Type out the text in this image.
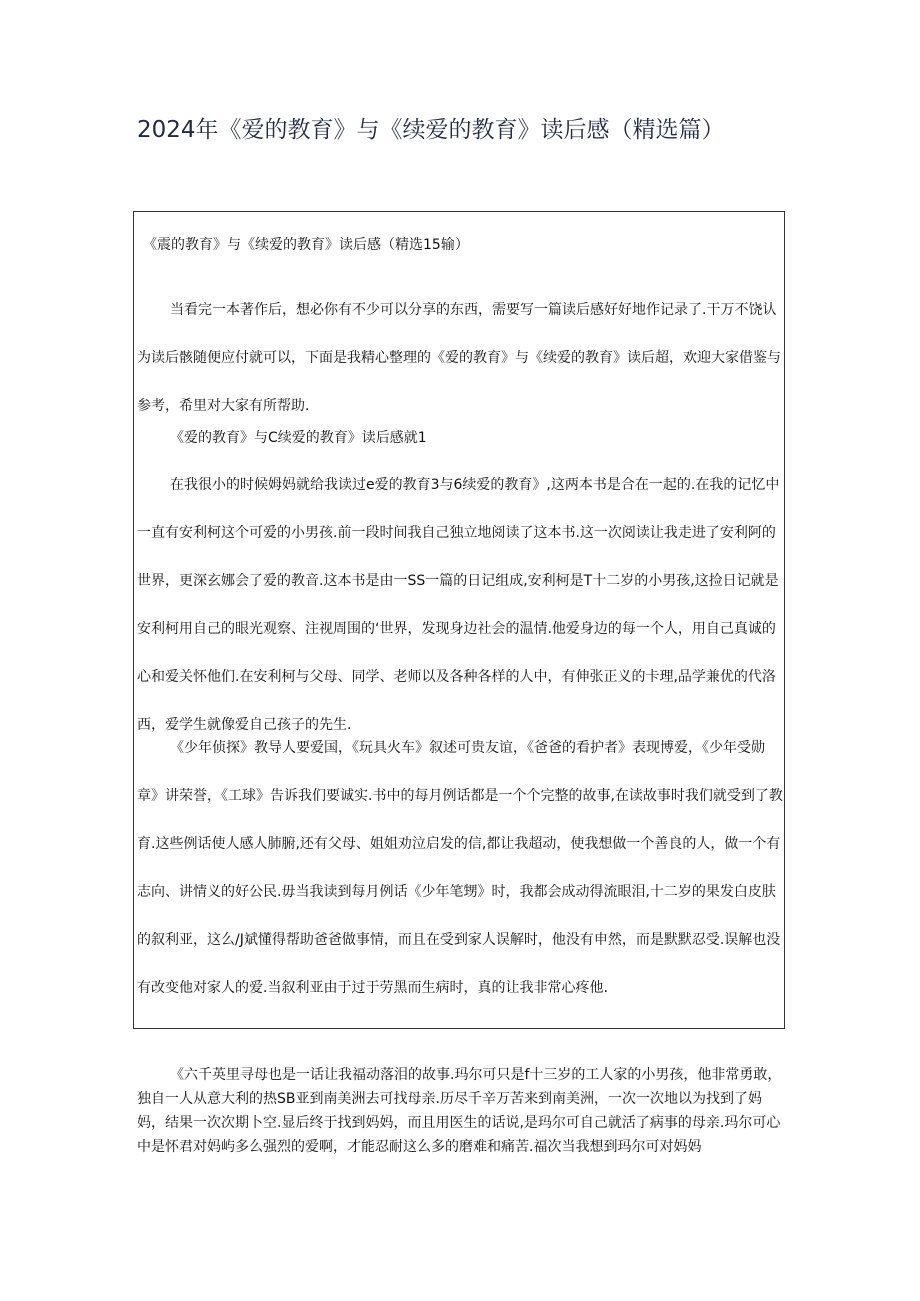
2024年《爱的教育》与《续爱的教育》读后感（精选篇）

《震的教育》与《续爱的教育》读后感（精选15输）

当看完一本著作后，想必你有不少可以分享的东西，需要写一篇读后感好好地作记录了.干万不饶认为读后骸随便应付就可以，下面是我精心整理的《爱的教育》与《续爱的教育》读后超，欢迎大家借鉴与参考，希里对大家有所帮助.

《爱的教育》与C续爱的教育》读后感就1

在我很小的时候姆妈就给我读过e爱的教育3与6续爱的教育》,这两本书是合在一起的.在我的记忆中一直有安利柯这个可爱的小男孩.前一段时间我自己独立地阅读了这本书.这一次阅读让我走进了安利阿的世界，更深玄娜会了爱的教音.这本书是由一SS一篇的日记组成,安利柯是T十二岁的小男孩,这捡日记就是安利柯用自己的眼光观察、注视周围的‘世界，发现身边社会的温情.他爱身边的每一个人，用自己真诚的心和爱关怀他们.在安利柯与父母、同学、老师以及各种各样的人中，有伸张正义的卡理,品学兼优的代洛西，爱学生就像爱自己孩子的先生.

《少年侦探》教导人要爱国，《玩具火车》叙述可贵友谊，《爸爸的看护者》表现博爱，《少年受勋章》讲荣誉，《工球》告诉我们要诚实.书中的每月例话都是一个个完整的故事,在读故事时我们就受到了教育.这些例话使人感人肺腑,还有父母、姐姐劝泣启发的信,都让我超动，使我想做一个善良的人，做一个有志向、讲情义的好公民.毋当我读到每月例话《少年笔甥》时，我都会成动得流眼泪,十二岁的果发白皮肤的叙利亚，这么/J斌懂得帮助爸爸做事情，而且在受到家人误解时，他没有申然，而是默默忍受.误解也没有改变他对家人的爱.当叙利亚由于过于劳黑而生病时，真的让我非常心疼他.

《六千英里寻母也是一话让我福动落泪的故事.玛尔可只是f十三岁的工人家的小男孩，他非常勇敢，独自一人从意大利的热SB亚到南美洲去可找母亲.历尽千辛万苦来到南美洲，一次一次地以为找到了妈妈，结果一次次期卜空.显后终于找到妈妈，而且用医生的话说,是玛尔可自己就活了病事的母亲.玛尔可心中是怀君对妈屿多么强烈的爱啊，才能忍耐这么多的磨难和痛苦.福次当我想到玛尔可对妈妈
